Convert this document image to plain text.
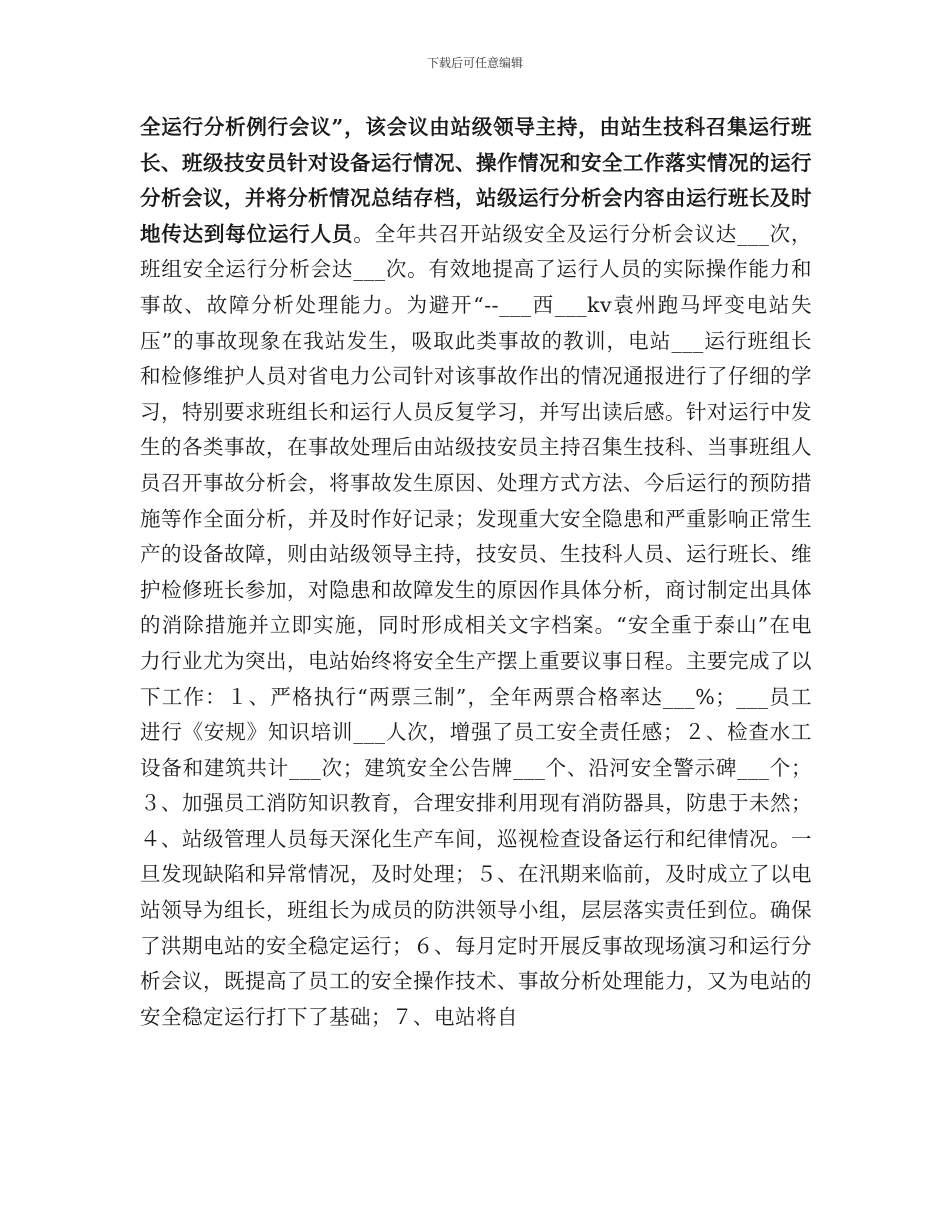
下载后可任意编辑
全运行分析例行会议”，该会议由站级领导主持，由站生技科召集运行班长、班级技安员针对设备运行情况、操作情况和安全工作落实情况的运行分析会议，并将分析情况总结存档，站级运行分析会内容由运行班长及时地传达到每位运行人员。全年共召开站级安全及运行分析会议达___次，班组安全运行分析会达___次。有效地提高了运行人员的实际操作能力和事故、故障分析处理能力。为避开“--___西___kv袁州跑马坪变电站失压”的事故现象在我站发生，吸取此类事故的教训，电站___运行班组长和检修维护人员对省电力公司针对该事故作出的情况通报进行了仔细的学习，特别要求班组长和运行人员反复学习，并写出读后感。针对运行中发生的各类事故，在事故处理后由站级技安员主持召集生技科、当事班组人员召开事故分析会，将事故发生原因、处理方式方法、今后运行的预防措施等作全面分析，并及时作好记录；发现重大安全隐患和严重影响正常生产的设备故障，则由站级领导主持，技安员、生技科人员、运行班长、维护检修班长参加，对隐患和故障发生的原因作具体分析，商讨制定出具体的消除措施并立即实施，同时形成相关文字档案。“安全重于泰山”在电力行业尤为突出，电站始终将安全生产摆上重要议事日程。主要完成了以下工作：１、严格执行“两票三制”，全年两票合格率达___%；___员工进行《安规》知识培训___人次，增强了员工安全责任感；２、检查水工设备和建筑共计___次；建筑安全公告牌___个、沿河安全警示碑___个；３、加强员工消防知识教育，合理安排利用现有消防器具，防患于未然；４、站级管理人员每天深化生产车间，巡视检查设备运行和纪律情况。一旦发现缺陷和异常情况，及时处理；５、在汛期来临前，及时成立了以电站领导为组长，班组长为成员的防洪领导小组，层层落实责任到位。确保了洪期电站的安全稳定运行；６、每月定时开展反事故现场演习和运行分析会议，既提高了员工的安全操作技术、事故分析处理能力，又为电站的安全稳定运行打下了基础；７、电站将自
